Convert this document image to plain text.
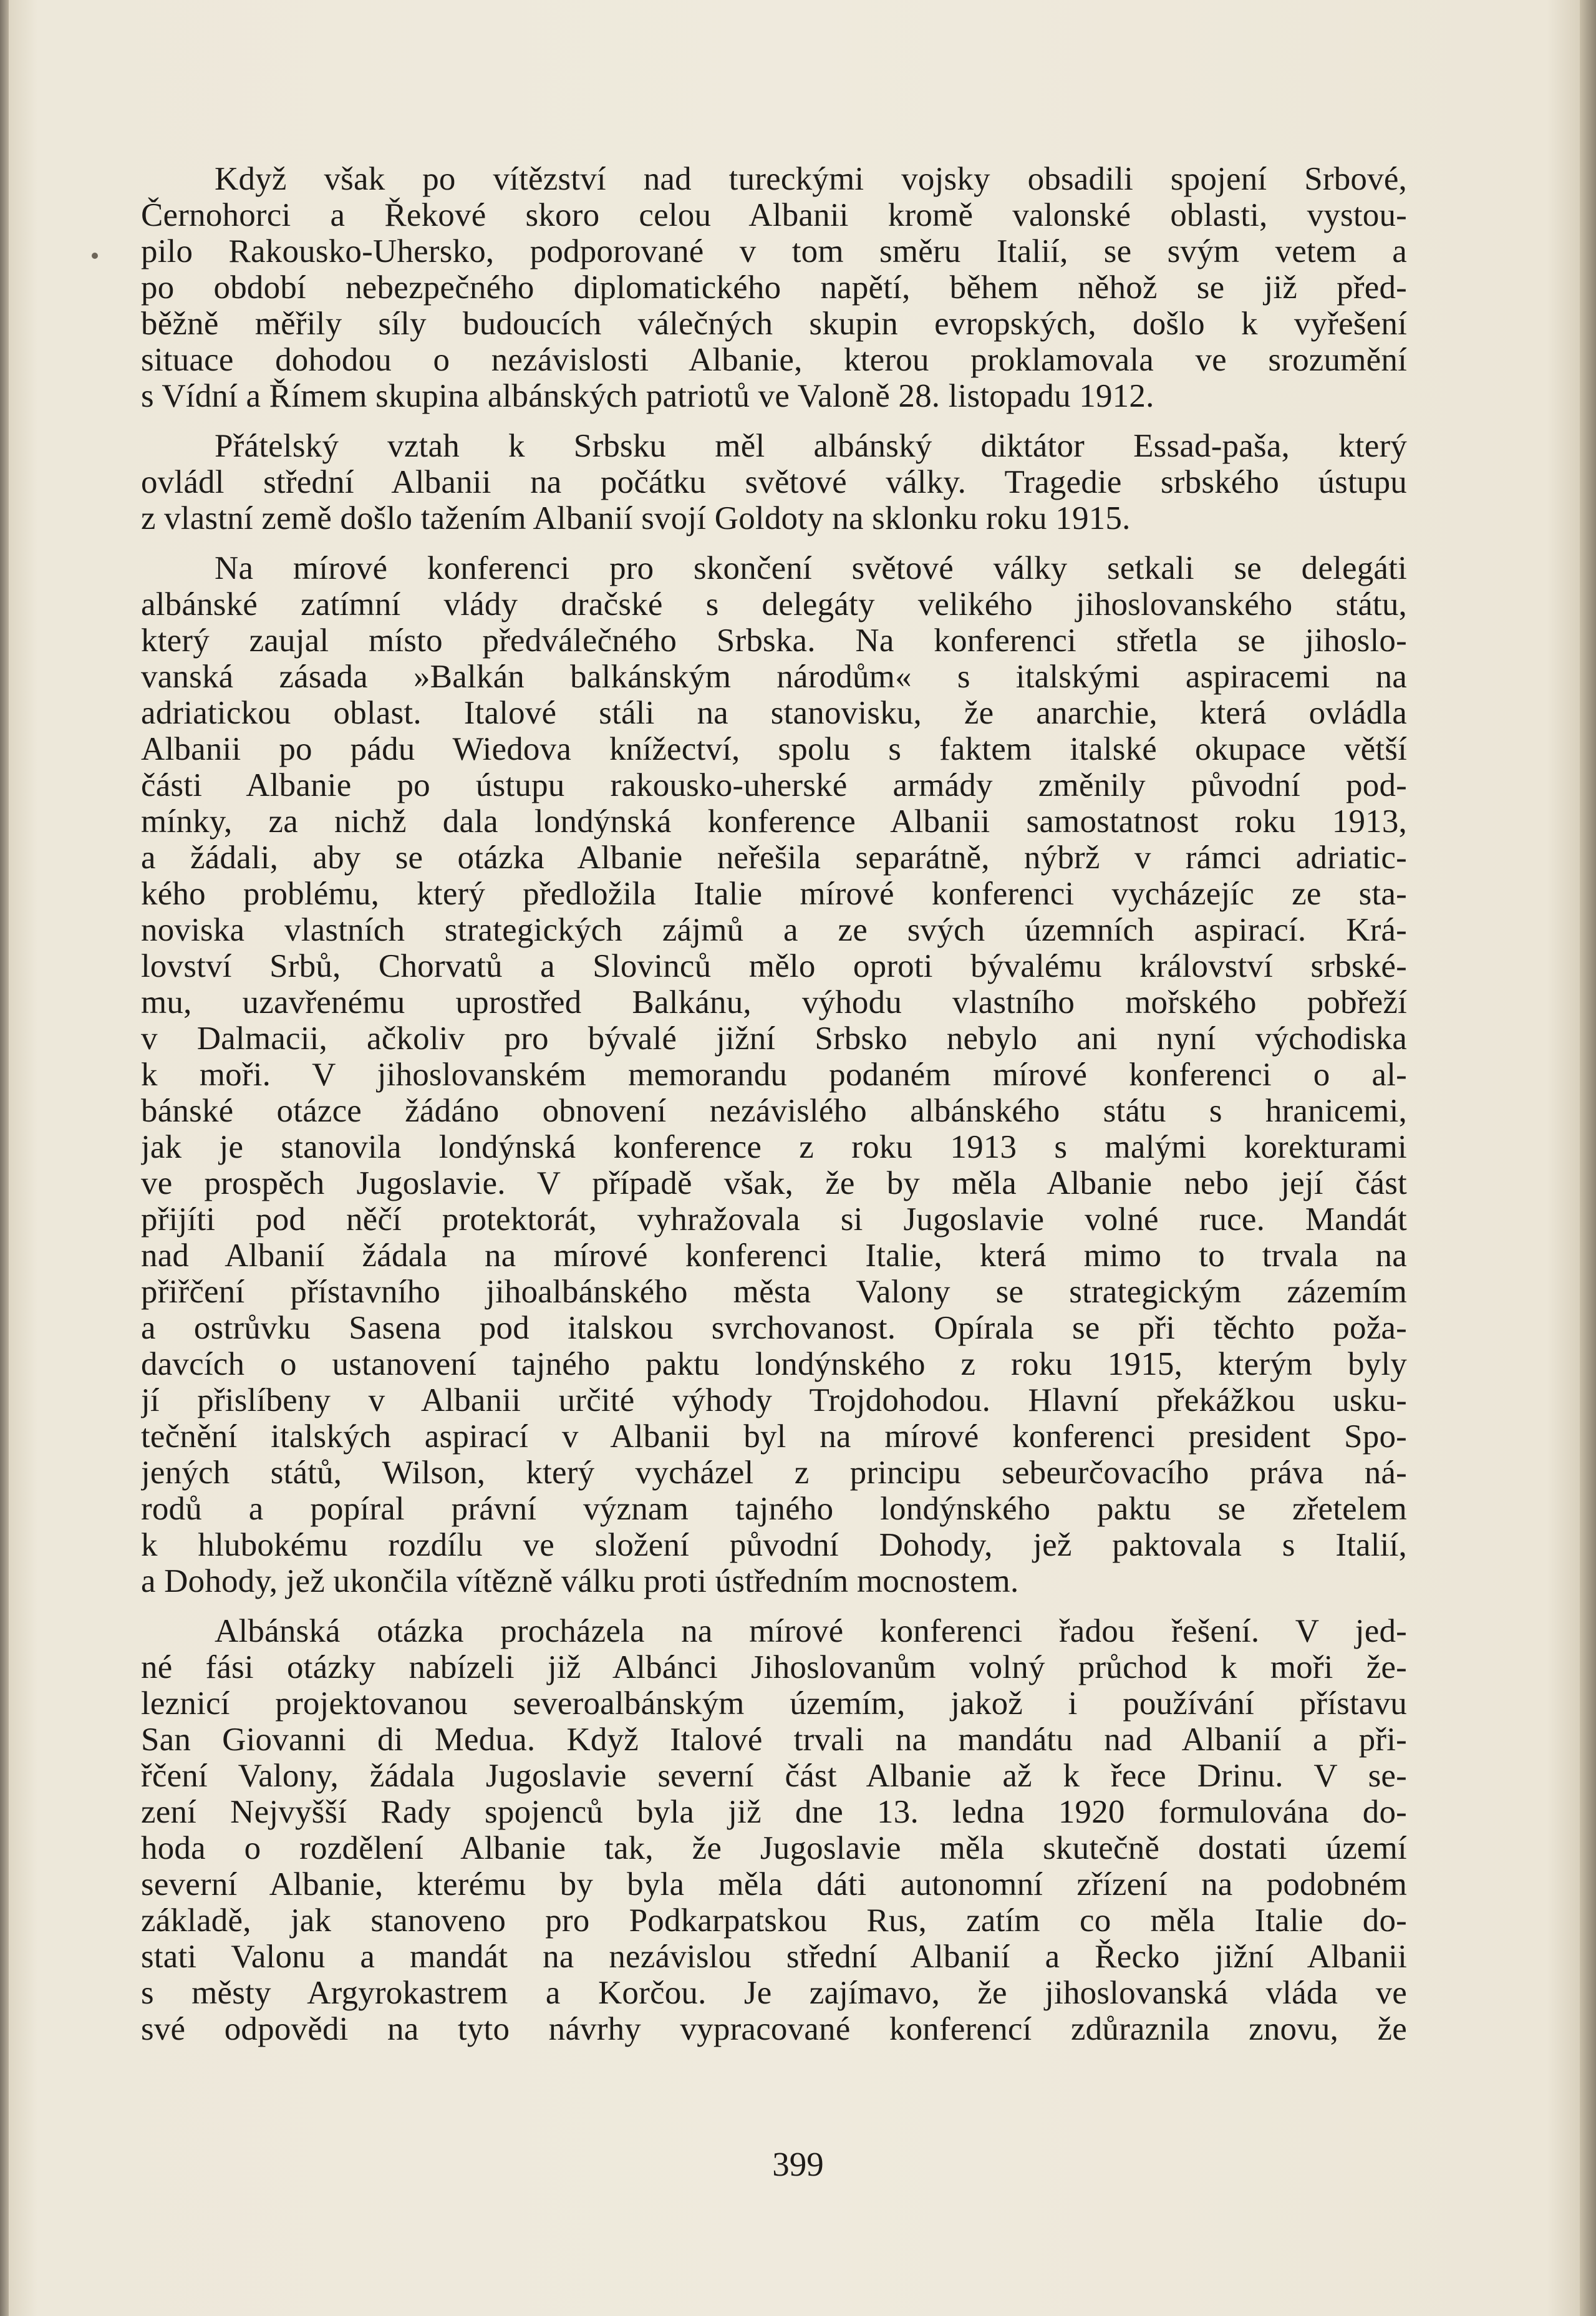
Když však po vítězství nad tureckými vojsky obsadili spojení Srbové,
Černohorci a Řekové skoro celou Albanii kromě valonské oblasti, vystou-
pilo Rakousko-Uhersko, podporované v tom směru Italií, se svým vetem a
po období nebezpečného diplomatického napětí, během něhož se již před-
běžně měřily síly budoucích válečných skupin evropských, došlo k vyřešení
situace dohodou o nezávislosti Albanie, kterou proklamovala ve srozumění
s Vídní a Římem skupina albánských patriotů ve Valoně 28. listopadu 1912.

Přátelský vztah k Srbsku měl albánský diktátor Essad-paša, který
ovládl střední Albanii na počátku světové války. Tragedie srbského ústupu
z vlastní země došlo tažením Albanií svojí Goldoty na sklonku roku 1915.

Na mírové konferenci pro skončení světové války setkali se delegáti
albánské zatímní vlády dračské s delegáty velikého jihoslovanského státu,
který zaujal místo předválečného Srbska. Na konferenci střetla se jihoslo-
vanská zásada »Balkán balkánským národům« s italskými aspiracemi na
adriatickou oblast. Italové stáli na stanovisku, že anarchie, která ovládla
Albanii po pádu Wiedova knížectví, spolu s faktem italské okupace větší
části Albanie po ústupu rakousko-uherské armády změnily původní pod-
mínky, za nichž dala londýnská konference Albanii samostatnost roku 1913,
a žádali, aby se otázka Albanie neřešila separátně, nýbrž v rámci adriatic-
kého problému, který předložila Italie mírové konferenci vycházejíc ze sta-
noviska vlastních strategických zájmů a ze svých územních aspirací. Krá-
lovství Srbů, Chorvatů a Slovinců mělo oproti bývalému království srbské-
mu, uzavřenému uprostřed Balkánu, výhodu vlastního mořského pobřeží
v Dalmacii, ačkoliv pro bývalé jižní Srbsko nebylo ani nyní východiska
k moři. V jihoslovanském memorandu podaném mírové konferenci o al-
bánské otázce žádáno obnovení nezávislého albánského státu s hranicemi,
jak je stanovila londýnská konference z roku 1913 s malými korekturami
ve prospěch Jugoslavie. V případě však, že by měla Albanie nebo její část
přijíti pod něčí protektorát, vyhražovala si Jugoslavie volné ruce. Mandát
nad Albanií žádala na mírové konferenci Italie, která mimo to trvala na
přiřčení přístavního jihoalbánského města Valony se strategickým zázemím
a ostrůvku Sasena pod italskou svrchovanost. Opírala se při těchto poža-
davcích o ustanovení tajného paktu londýnského z roku 1915, kterým byly
jí přislíbeny v Albanii určité výhody Trojdohodou. Hlavní překážkou usku-
tečnění italských aspirací v Albanii byl na mírové konferenci president Spo-
jených států, Wilson, který vycházel z principu sebeurčovacího práva ná-
rodů a popíral právní význam tajného londýnského paktu se zřetelem
k hlubokému rozdílu ve složení původní Dohody, jež paktovala s Italií,
a Dohody, jež ukončila vítězně válku proti ústředním mocnostem.

Albánská otázka procházela na mírové konferenci řadou řešení. V jed-
né fási otázky nabízeli již Albánci Jihoslovanům volný průchod k moři že-
leznicí projektovanou severoalbánským územím, jakož i používání přístavu
San Giovanni di Medua. Když Italové trvali na mandátu nad Albanií a při-
řčení Valony, žádala Jugoslavie severní část Albanie až k řece Drinu. V se-
zení Nejvyšší Rady spojenců byla již dne 13. ledna 1920 formulována do-
hoda o rozdělení Albanie tak, že Jugoslavie měla skutečně dostati území
severní Albanie, kterému by byla měla dáti autonomní zřízení na podobném
základě, jak stanoveno pro Podkarpatskou Rus, zatím co měla Italie do-
stati Valonu a mandát na nezávislou střední Albanií a Řecko jižní Albanii
s městy Argyrokastrem a Korčou. Je zajímavo, že jihoslovanská vláda ve
své odpovědi na tyto návrhy vypracované konferencí zdůraznila znovu, že

399
